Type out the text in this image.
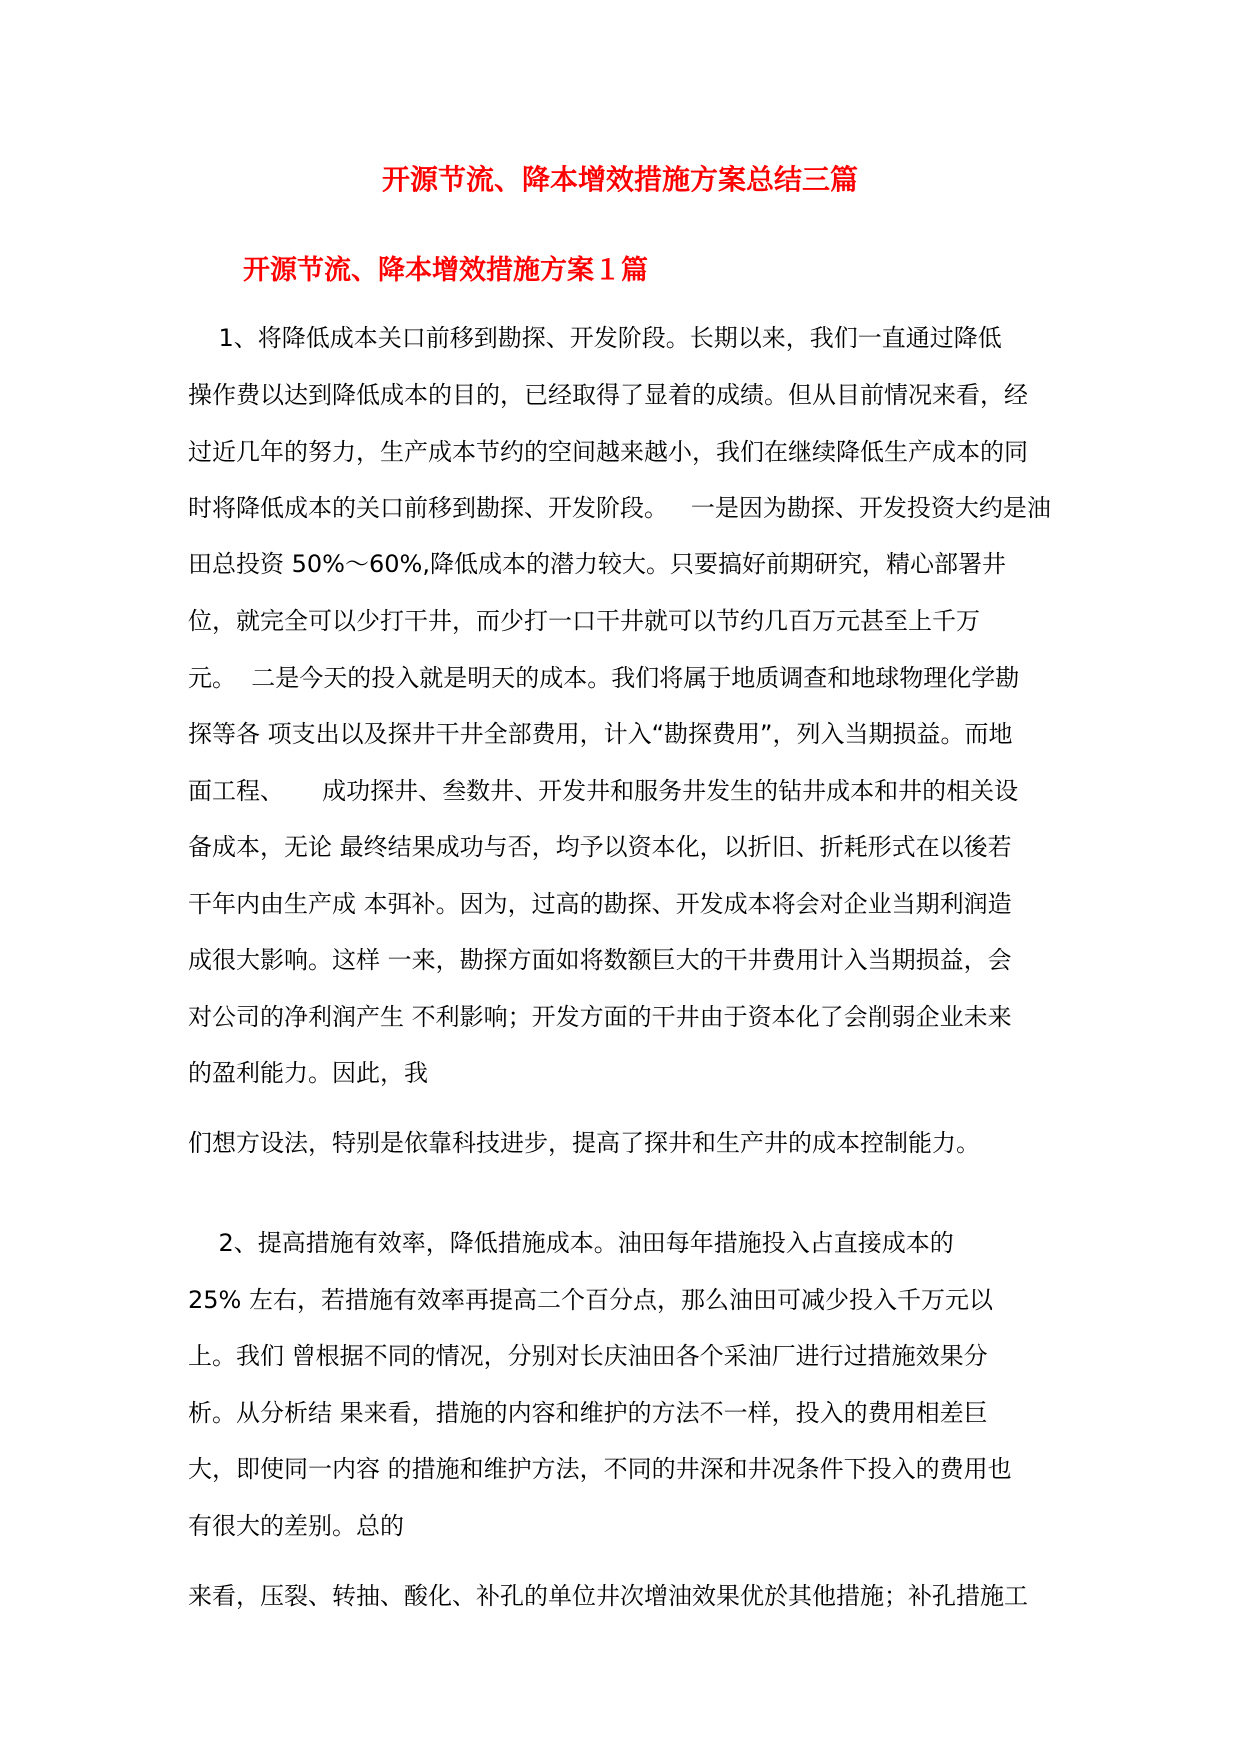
开源节流、降本增效措施方案总结三篇
开源节流、降本增效措施方案１篇
1、将降低成本关口前移到勘探、开发阶段。长期以来，我们一直通过降低
操作费以达到降低成本的目的，已经取得了显着的成绩。但从目前情况来看，经
过近几年的努力，生产成本节约的空间越来越小，我们在继续降低生产成本的同
时将降低成本的关口前移到勘探、开发阶段。   一是因为勘探、开发投资大约是油
田总投资 50%～60%,降低成本的潜力较大。只要搞好前期研究，精心部署井
位，就完全可以少打干井，而少打一口干井就可以节约几百万元甚至上千万
元。  二是今天的投入就是明天的成本。我们将属于地质调查和地球物理化学勘
探等各 项支出以及探井干井全部费用，计入“勘探费用”，列入当期损益。而地
面工程、     成功探井、叁数井、开发井和服务井发生的钻井成本和井的相关设
备成本，无论 最终结果成功与否，均予以资本化，以折旧、折耗形式在以後若
干年内由生产成 本弭补。因为，过高的勘探、开发成本将会对企业当期利润造
成很大影响。这样 一来，勘探方面如将数额巨大的干井费用计入当期损益，会
对公司的净利润产生 不利影响；开发方面的干井由于资本化了会削弱企业未来
的盈利能力。因此，我
们想方设法，特别是依靠科技进步，提高了探井和生产井的成本控制能力。
2、提高措施有效率，降低措施成本。油田每年措施投入占直接成本的
25% 左右，若措施有效率再提高二个百分点，那么油田可减少投入千万元以
上。我们 曾根据不同的情况，分别对长庆油田各个采油厂进行过措施效果分
析。从分析结 果来看，措施的内容和维护的方法不一样，投入的费用相差巨
大，即使同一内容 的措施和维护方法，不同的井深和井况条件下投入的费用也
有很大的差别。总的
来看，压裂、转抽、酸化、补孔的单位井次增油效果优於其他措施；补孔措施工
